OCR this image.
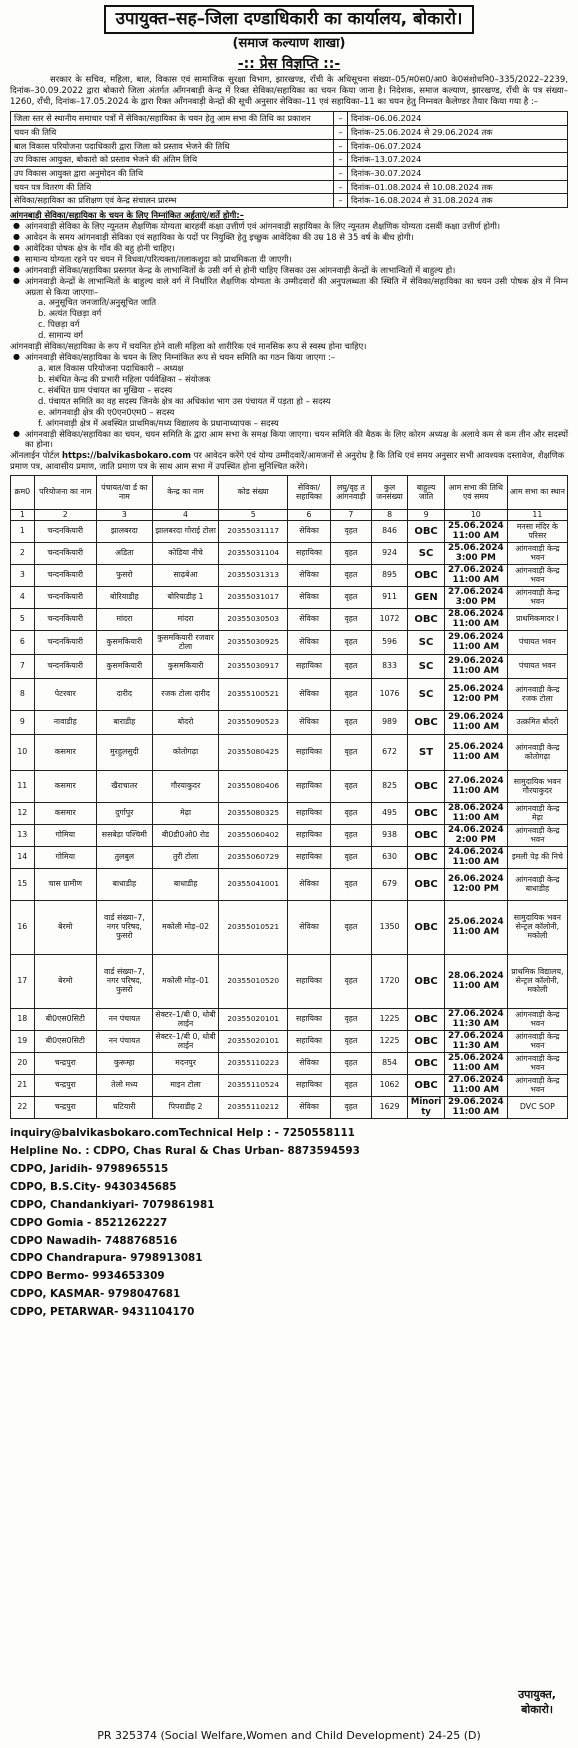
उपायुक्त–सह–जिला दण्डाधिकारी का कार्यालय, बोकारो।
(समाज कल्याण शाखा)
-:: प्रेस विज्ञप्ति ::-

सरकार के सचिव, महिला, बाल, विकास एवं सामाजिक सुरक्षा विभाग, झारखण्ड, रॉंची के अधिसूचना संख्या–05/म0स0/आ0 के0संशोधनि0–335/2022–2239, दिनांक–30.09.2022 द्वारा बोकारो जिला अंतर्गत ऑंगनबाड़ी केन्द्र में रिक्त सेविका/सहायिका का चयन किया जाना है। निदेशक, समाज कल्याण, झारखण्ड, रॉंची के पत्र संख्या–1260, रॉंची, दिनांक–17.05.2024 के द्वारा रिक्त ऑंगनवाड़ी केन्द्रों की सूची अनुसार सेविका–11 एवं सहायिका–11 का चयन हेतु निम्नवत कैलेण्डर तैयार किया गया है :–

जिला स्तर से स्थानीय समाचार पत्रों में सेविका/सहायिका के चयन हेतु आम सभा की तिथि का प्रकाशन	–	दिनांक–06.06.2024
चयन की तिथि	–	दिनांक–25.06.2024 से 29.06.2024 तक
बाल विकास परियोजना पदाधिकारी द्वारा जिला को प्रस्ताव भेजने की तिथि	–	दिनांक–06.07.2024
उप विकास आयुक्त, बोकारो को प्रस्ताव भेजने की अंतिम तिथि	–	दिनांक–13.07.2024
उप विकास आयुक्त द्वारा अनुमोदन की तिथि	–	दिनांक–30.07.2024
चयन पत्र वितरण की तिथि	–	दिनांक–01.08.2024 से 10.08.2024 तक
सेविका/सहायिका का प्रशिक्षण एवं केन्द्र संचालन प्रारम्भ	–	दिनांक–16.08.2024 से 31.08.2024 तक
आंगनबाड़ी सेविका/सहायिका के चयन के लिए निम्नांकित अर्हताएं/शर्ते होगी:–
● आंगनवाड़ी सेविका के लिए न्यूनतम शैक्षणिक योग्यता बारहवीं कक्षा उत्तीर्ण एवं आंगनवाड़ी सहायिका के लिए न्यूनतम शैक्षणिक योग्यता दसवीं कक्षा उत्तीर्ण होगी।
● आवेदन के समय आंगनवाड़ी सेविका एवं सहायिका के पदों पर नियुक्ति हेतु इच्छुक आवेदिका की उम्र 18 से 35 वर्ष के बीच होगी।
● आवेदिका पोषक क्षेत्र के गाँव की बहु होनी चाहिए।
● सामान्य योग्यता रहने पर चयन में विधवा/परित्यक्ता/तलाकशुदा को प्राथमिकता दी जाएगी।
● आंगनवाड़ी सेविका/सहायिका प्रस्तगत केन्द्र के लाभान्वितों के उसी वर्ग से होनी चाहिए जिसका उस आंगनवाड़ी केन्द्रों के लाभान्वितों में बाहुल्य हो।
● आंगनवाड़ी केन्द्रों के लाभान्वितों के बाहुल्य वाले वर्ग में निर्धारित शैक्षणिक योग्यता के उम्मीदवारों की अनुपलब्धता की स्थिति में सेविका/सहायिका का चयन उसी पोषक क्षेत्र में निम्न अग्रता से किया जाएगाः–
a. अनुसूचित जनजाति/अनुसूचित जाति
b. अत्यंत पिछड़ा वर्ग
c. पिछड़ा वर्ग
d. सामान्य वर्ग
आंगनवाड़ी सेविका/सहायिका के रूप में चयनित होने वाली महिला को शारीरिक एवं मानसिक रूप से स्वस्थ होना चाहिए।
● आंगनवाड़ी सेविका/सहायिका के चयन के लिए निम्नांकित रूप से चयन समिति का गठन किया जाएगा :–
a. बाल विकास परियोजना पदाधिकारी – अध्यक्ष
b. संबंधित केन्द्र की प्रभारी महिला पर्यवेक्षिका – संयोजक
c. संबंधित ग्राम पंचायत का मुखिया – सदस्य
d. पंचायत समिति का वह सदस्य जिनके क्षेत्र का अधिकांश भाग उस पंचायत में पड़ता हो – सदस्य
e. आंगनवाड़ी क्षेत्र की ए0एन0एम0 – सदस्य
f. आंगनवाड़ी क्षेत्र में अवस्थित प्राथमिक/मध्य विद्यालय के प्रधानाध्यापक – सदस्य
● आंगनवाड़ी सेविका/सहायिका का चयन, चयन समिति के द्वारा आम सभा के समक्ष किया जाएगा। चयन समिति की बैठक के लिए कोरम अध्यक्ष के अलावे कम से कम तीन और सदस्यों का होना।
ऑनलाईन पोर्टल https://balvikasbokaro.com पर आवेदन करेंगे एवं योग्य उम्मीदवारें/आमजनों से अनुरोध है कि तिथि एवं समय अनुसार सभी आवश्यक दस्तावेज, शैक्षणिक प्रमाण पत्र, आवासीय प्रमाण, जाति प्रमाण पत्र के साथ आम सभा में उपस्थित होना सुनिश्चित करेंगे।
क्रम0	परियोजना का नाम	पंचायत/वा र्ड का नाम	केन्द्र का नाम	कोड संख्या	सेविका/सहायिका	लघु/वृह त आंगनवाड़ी	कुल जनसंख्या	बाहुल्य जाति	आम सभा की तिथि एवं समय	आम सभा का स्थान
1	2	3	4	5	6	7	8	9	10	11
1	चन्दनकियारी	झालबरदा	झालबरदा गोराई टोला	20355031117	सेविका	वृहत	846	OBC	25.06.2024 11:00 AM	मनसा मंदिर के परिसर
2	चन्दनकियारी	अडिता	कोडिया नीचे	20355031104	सहायिका	वृहत	924	SC	25.06.2024 3:00 PM	आंगनवाड़ी केन्द्र भवन
3	चन्दनकियारी	फुसरो	साढ़बेआ	20355031313	सेविका	वृहत	895	OBC	27.06.2024 11:00 AM	आंगनवाड़ी केन्द्र भवन
4	चन्दनकियारी	बोरियाडीह	बोरियाडीह 1	20355031017	सेविका	वृहत	911	GEN	27.06.2024 3:00 PM	आंगनवाड़ी केन्द्र भवन
5	चन्दनकियारी	मांदरा	मांदरा	20355030503	सेविका	वृहत	1072	OBC	28.06.2024 11:00 AM	प्राथमिकमादर I
6	चन्दनकियारी	कुसमकियारी	कुसमकियारी रजवार टोला	20355030925	सेविका	वृहत	596	SC	29.06.2024 11:00 AM	पंचायत भवन
7	चन्दनकियारी	कुसमकियारी	कुसमकियारी	20355030917	सहायिका	वृहत	833	SC	29.06.2024 11:00 AM	पंचायत भवन
8	पेटरवार	दारीद	रजक टोला दारीद	20355100521	सेविका	वृहत	1076	SC	25.06.2024 12:00 PM	आंगनवाड़ी केन्द्र रजक टोला
9	नावाडीह	बाराडीह	बोदरो	20355090523	सेविका	वृहत	989	OBC	29.06.2024 11:00 AM	उत्क्रमित बोदरो
10	कसमार	मुरहुलसुदी	कोतोगढ़ा	20355080425	सहायिका	वृहत	672	ST	25.06.2024 11:00 AM	आंगनवाड़ी केन्द्र कोतोगढ़ा
11	कसमार	खैराचातर	गौरयाकुदर	20355080406	सहायिका	वृहत	825	OBC	27.06.2024 11:00 AM	सामुदायिक भवन गौरयाकुदर
12	कसमार	दुर्गापुर	मेढ़ा	20355080325	सहायिका	वृहत	495	OBC	28.06.2024 11:00 AM	आंगनवाड़ी केन्द्र मेढ़ा
13	गोमिया	ससबेड़ा पश्चिमी	बी0डी0ओ0 रोड	20355060402	सहायिका	वृहत	938	OBC	24.06.2024 2:00 PM	आंगनवाड़ी केन्द्र भवन
14	गोमिया	तुलबुल	तुरी टोला	20355060729	सहायिका	वृहत	630	OBC	24.06.2024 11:00 AM	इमली पेड़ की निचे
15	चास ग्रामीण	बाधाडीह	बाधाडीह	20355041001	सेविका	वृहत	679	OBC	26.06.2024 12:00 PM	आंगनवाड़ी केन्द्र बाधाडीह
16	बेरमो	वार्ड संख्या–7, नगर परिषद, फुसरो	मकोली मोड़–02	20355010521	सेविका	वृहत	1350	OBC	25.06.2024 11:00 AM	सामुदायिक भवन सेन्ट्रल कॉलोनी, मकोली
17	बेरमो	वार्ड संख्या–7, नगर परिषद, फुसरो	मकोली मोड़–01	20355010520	सहायिका	वृहत	1720	OBC	28.06.2024 11:00 AM	प्राथमिक विद्यालय, सेन्ट्रल कॉलोनी, मकोली
18	बी0एस0सिटी	नन पंचायत	सेक्टर–1/बी 0, धोबी लाईन	20355020101	सहायिका	वृहत	1225	OBC	27.06.2024 11:30 AM	आंगनवाड़ी केन्द्र भवन
19	बी0एस0सिटी	नन पंचायत	सेक्टर–1/बी 0, धोबी लाईन	20355020101	सहायिका	वृहत	1225	OBC	27.06.2024 11:30 AM	आंगनवाड़ी केन्द्र भवन
20	चन्द्रपुरा	कुरूम्हा	मदनपुर	20355110223	सेविका	वृहत	854	OBC	25.06.2024 11:00 AM	आंगनवाड़ी केन्द्र भवन
21	चन्द्रपुरा	तेलो मध्य	माइन टोला	20355110524	सहायिका	वृहत	1062	OBC	27.06.2024 11:00 AM	आंगनवाड़ी केन्द्र भवन
22	चन्द्रपुरा	घटियारी	पिपराडीह 2	20355110212	सेविका	वृहत	1629	Minori ty	29.06.2024 11:00 AM	DVC SOP
inquiry@balvikasbokaro.comTechnical Help : - 7250558111
Helpline No. : CDPO, Chas Rural & Chas Urban- 8873594593
CDPO, Jaridih- 9798965515
CDPO, B.S.City- 9430345685
CDPO, Chandankiyari- 7079861981
CDPO Gomia - 8521262227
CDPO Nawadih- 7488768516
CDPO Chandrapura- 9798913081
CDPO Bermo- 9934653309
CDPO, KASMAR- 9798047681
CDPO, PETARWAR- 9431104170
उपायुक्त,
बोकारो।
PR 325374 (Social Welfare,Women and Child Development) 24-25 (D)
